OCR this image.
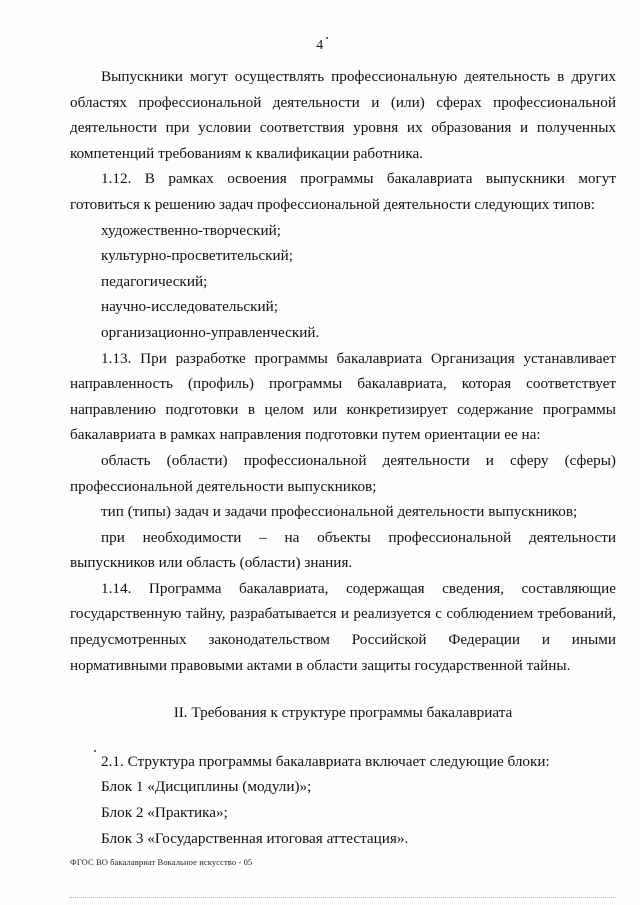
4

Выпускники могут осуществлять профессиональную деятельность в других областях профессиональной деятельности и (или) сферах профессиональной деятельности при условии соответствия уровня их образования и полученных компетенций требованиям к квалификации работника.

1.12. В рамках освоения программы бакалавриата выпускники могут готовиться к решению задач профессиональной деятельности следующих типов:

художественно-творческий;

культурно-просветительский;

педагогический;

научно-исследовательский;

организационно-управленческий.

1.13. При разработке программы бакалавриата Организация устанавливает направленность (профиль) программы бакалавриата, которая соответствует направлению подготовки в целом или конкретизирует содержание программы бакалавриата в рамках направления подготовки путем ориентации ее на:

область (области) профессиональной деятельности и сферу (сферы) профессиональной деятельности выпускников;

тип (типы) задач и задачи профессиональной деятельности выпускников;

при необходимости – на объекты профессиональной деятельности выпускников или область (области) знания.

1.14. Программа бакалавриата, содержащая сведения, составляющие государственную тайну, разрабатывается и реализуется с соблюдением требований, предусмотренных законодательством Российской Федерации и иными нормативными правовыми актами в области защиты государственной тайны.

II. Требования к структуре программы бакалавриата

2.1. Структура программы бакалавриата включает следующие блоки:

Блок 1 «Дисциплины (модули)»;

Блок 2 «Практика»;

Блок 3 «Государственная итоговая аттестация».

ФГОС ВО бакалавриат Вокальное искусство - 05
